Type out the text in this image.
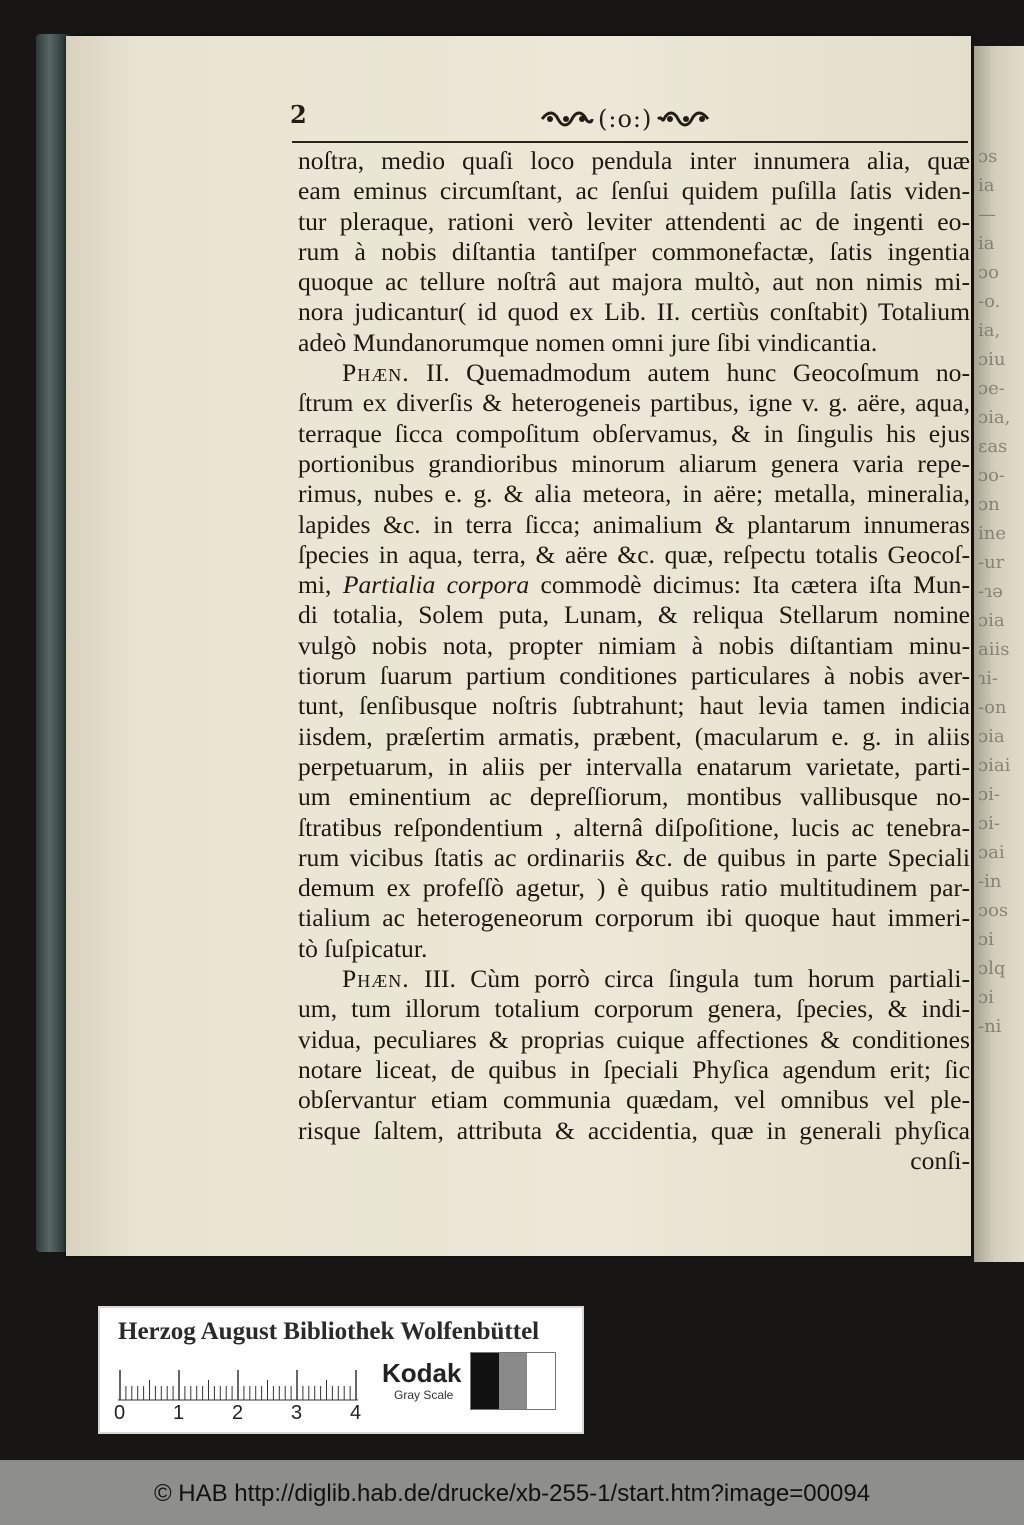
ɔs
ia
—
ia
ɔo
-o.
ia,
ɔiu
ɔe-
ɔia,
ɛas
ɔo-
ɔn
ine
-ur
-ɿə
ɔia
aiis
ɿi-
-on
ɔia
ɔiai
ɔi-
ɔi-
ɔai
-in
ɔos
ɔi
ɔlq
ɔi
-ni
2	(:o:)
noſtra, medio quaſi loco pendula inter innumera alia, quæ
eam eminus circumſtant, ac ſenſui quidem puſilla ſatis viden-
tur pleraque, rationi verò leviter attendenti ac de ingenti eo-
rum à nobis diſtantia tantiſper commonefactæ, ſatis ingentia
quoque ac tellure noſtrâ aut majora multò, aut non nimis mi-
nora judicantur( id quod ex Lib. II. certiùs conſtabit) Totalium
adeò Mundanorumque nomen omni jure ſibi vindicantia.
Phæn. II. Quemadmodum autem hunc Geocoſmum no-
ſtrum ex diverſis & heterogeneis partibus, igne v. g. aëre, aqua,
terraque ſicca compoſitum obſervamus, & in ſingulis his ejus
portionibus grandioribus minorum aliarum genera varia repe-
rimus, nubes e. g. & alia meteora, in aëre; metalla, mineralia,
lapides &c. in terra ſicca; animalium & plantarum innumeras
ſpecies in aqua, terra, & aëre &c. quæ, reſpectu totalis Geocoſ-
mi, Partialia corpora commodè dicimus: Ita cætera iſta Mun-
di totalia, Solem puta, Lunam, & reliqua Stellarum nomine
vulgò nobis nota, propter nimiam à nobis diſtantiam minu-
tiorum ſuarum partium conditiones particulares à nobis aver-
tunt, ſenſibusque noſtris ſubtrahunt; haut levia tamen indicia
iisdem, præſertim armatis, præbent, (macularum e. g. in aliis
perpetuarum, in aliis per intervalla enatarum varietate, parti-
um eminentium ac depreſſiorum, montibus vallibusque no-
ſtratibus reſpondentium , alternâ diſpoſitione, lucis ac tenebra-
rum vicibus ſtatis ac ordinariis &c. de quibus in parte Speciali
demum ex profeſſò agetur, ) è quibus ratio multitudinem par-
tialium ac heterogeneorum corporum ibi quoque haut immeri-
tò ſuſpicatur.
Phæn. III. Cùm porrò circa ſingula tum horum partiali-
um, tum illorum totalium corporum genera, ſpecies, & indi-
vidua, peculiares & proprias cuique affectiones & conditiones
notare liceat, de quibus in ſpeciali Phyſica agendum erit; ſic
obſervantur etiam communia quædam, vel omnibus vel ple-
risque ſaltem, attributa & accidentia, quæ in generali phyſica
conſi-
Herzog August Bibliothek Wolfenbüttel
0 1 2 3 4
Kodak
Gray Scale
© HAB http://diglib.hab.de/drucke/xb-255-1/start.htm?image=00094
